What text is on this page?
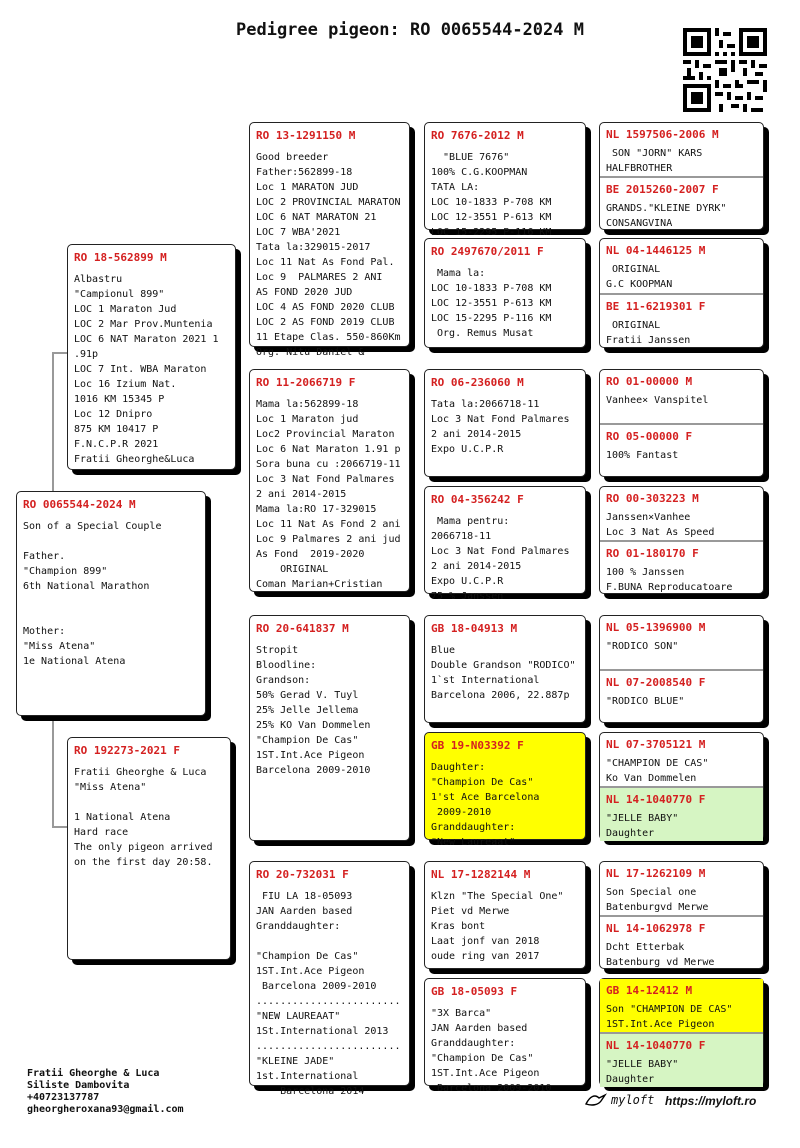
Pedigree pigeon: RO 0065544-2024 M
RO 0065544-2024 M
Son of a Special Couple

Father.
"Champion 899"
6th National Marathon

Mother:
"Miss Atena"
1e National Atena
RO 18-562899 M
Albastru
"Campionul 899"
LOC 1 Maraton Jud
LOC 2 Mar Prov.Muntenia
LOC 6 NAT Maraton 2021 1
.91p
LOC 7 Int. WBA Maraton
Loc 16 Izium Nat.
1016 KM 15345 P
Loc 12 Dnipro
875 KM 10417 P
F.N.C.P.R 2021
Fratii Gheorghe&Luca
RO 192273-2021 F
Fratii Gheorghe & Luca
"Miss Atena"

1 National Atena
Hard race
The only pigeon arrived
on the first day 20:58.
RO 13-1291150 M
Good breeder
Father:562899-18
Loc 1 MARATON JUD
LOC 2 PROVINCIAL MARATON
LOC 6 NAT MARATON 21
LOC 7 WBA'2021
Tata la:329015-2017
Loc 11 Nat As Fond Pal.
Loc 9  PALMARES 2 ANI
AS FOND 2020 JUD
LOC 4 AS FOND 2020 CLUB
LOC 2 AS FOND 2019 CLUB
11 Etape Clas. 550-860Km
Org. Nitu Daniel &
RO 11-2066719 F
Mama la:562899-18
Loc 1 Maraton jud
Loc2 Provincial Maraton
Loc 6 Nat Maraton 1.91 p
Sora buna cu :2066719-11
Loc 3 Nat Fond Palmares
2 ani 2014-2015
Mama la:RO 17-329015
Loc 11 Nat As Fond 2 ani
Loc 9 Palmares 2 ani jud
As Fond  2019-2020
ORIGINAL
Coman Marian+Cristian
RO 20-641837 M
Stropit
Bloodline:
Grandson:
50% Gerad V. Tuyl
25% Jelle Jellema
25% KO Van Dommelen
"Champion De Cas"
1ST.Int.Ace Pigeon
Barcelona 2009-2010
RO 20-732031 F
FIU LA 18-05093
JAN Aarden based
Granddaughter:

"Champion De Cas"
1ST.Int.Ace Pigeon
Barcelona 2009-2010
........................
"NEW LAUREAAT"
1St.International 2013
........................
"KLEINE JADE"
1st.International
Barcelona 2014
RO 7676-2012 M
"BLUE 7676"
100% C.G.KOOPMAN
TATA LA:
LOC 10-1833 P-708 KM
LOC 12-3551 P-613 KM
LOC 15-2295 P-116 KM
RO 2497670/2011 F
Mama la:
LOC 10-1833 P-708 KM
LOC 12-3551 P-613 KM
LOC 15-2295 P-116 KM
Org. Remus Musat
RO 06-236060 M
Tata la:2066718-11
Loc 3 Nat Fond Palmares
2 ani 2014-2015
Expo U.C.P.R
RO 04-356242 F
Mama pentru:
2066718-11
Loc 3 Nat Fond Palmares
2 ani 2014-2015
Expo U.C.P.R
75 % Janssen
GB 18-04913 M
Blue
Double Grandson "RODICO"
1`st International
Barcelona 2006, 22.887p
GB 19-N03392 F
Daughter:
"Champion De Cas"
1'st Ace Barcelona
2009-2010
Granddaughter:
"New Laureaat"
NL 17-1282144 M
Klzn "The Special One"
Piet vd Merwe
Kras bont
Laat jonf van 2018
oude ring van 2017
GB 18-05093 F
"3X Barca"
JAN Aarden based
Granddaughter:
"Champion De Cas"
1ST.Int.Ace Pigeon
Barcelona 2009-2010
NL 1597506-2006 M
SON "JORN" KARS
HALFBROTHER
BE 2015260-2007 F
GRANDS."KLEINE DYRK"
CONSANGVINA
NL 04-1446125 M
ORIGINAL
G.C KOOPMAN
BE 11-6219301 F
ORIGINAL
Fratii Janssen
RO 01-00000 M
Vanhee× Vanspitel
RO 05-00000 F
100% Fantast
RO 00-303223 M
Janssen×Vanhee
Loc 3 Nat As Speed
RO 01-180170 F
100 % Janssen
F.BUNA Reproducatoare
NL 05-1396900 M
"RODICO SON"
NL 07-2008540 F
"RODICO BLUE"
NL 07-3705121 M
"CHAMPION DE CAS"
Ko Van Dommelen
NL 14-1040770 F
"JELLE BABY"
Daughter
NL 17-1262109 M
Son Special one
Batenburgvd Merwe
NL 14-1062978 F
Dcht Etterbak
Batenburg vd Merwe
GB 14-12412 M
Son "CHAMPION DE CAS"
1ST.Int.Ace Pigeon
NL 14-1040770 F
"JELLE BABY"
Daughter
Fratii Gheorghe & Luca
Siliste Dambovita
+40723137787
gheorgheroxana93@gmail.com
myloft https://myloft.ro
